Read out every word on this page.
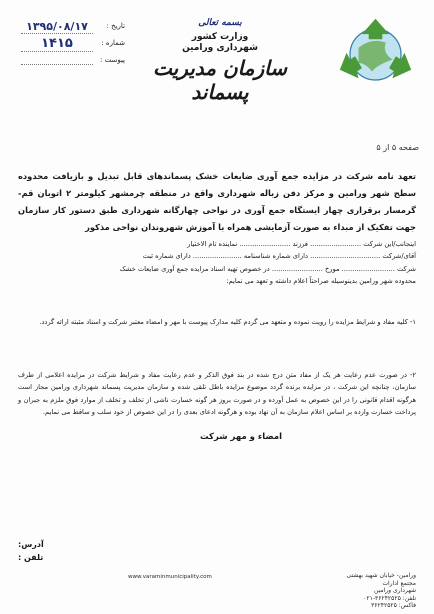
بسمه تعالی
وزارت کشور
شهرداری ورامین
سازمان مدیریت پسماند
تاریخ :
۱۳۹۵/۰۸/۱۷
شماره :
۱۴۱۵
پیوست :
صفحه ۵ از ۵
تعهد نامه شرکت در مزایده جمع آوری ضایعات خشک پسماندهای قابل تبدیل و بازیافت محدوده سطح شهر ورامین و مرکز دفن زباله شهرداری واقع در منطقه چرمشهر کیلومتر ۲ اتوبان قم- گرمسار برقراری چهار ایستگاه جمع آوری در نواحی چهارگانه شهرداری طبق دستور کار سازمان جهت تفکیک از مبداء به صورت آزمایشی همراه با آموزش شهروندان نواحی مذکور
اینجانب/این شرکت ........................ فرزند ........................ نماینده تام الاختیار
آقای/شرکت ................................. دارای شماره شناسنامه ....................... دارای شماره ثبت
شرکت ......................... مورخ ........................ در خصوص تهیه اسناد مزایده جمع آوری ضایعات خشک
محدوده شهر ورامین بدینوسیله صراحتاً اعلام داشته و تعهد می نمایم:
۱- کلیه مفاد و شرایط مزایده را رویت نموده و متعهد می گردم کلیه مدارک پیوست با مهر و امضاء معتبر شرکت و اسناد مثبته ارائه گردد.
۲- در صورت عدم رعایت هر یک از مفاد متن درج شده در بند فوق الذکر و عدم رعایت مفاد و شرایط شرکت در مزایده اعلامی از طرف سازمان، چنانچه این شرکت ، در مزایده برنده گردد موضوع مزایده باطل تلقی شده و سازمان مدیریت پسماند شهرداری ورامین مجاز است هرگونه اقدام قانونی را در این خصوص به عمل آورده و در صورت بروز هر گونه خسارت ناشی از تخلف و تخلف از موارد فوق ملزم به جبران و پرداخت خسارت وارده بر اساس اعلام سازمان به آن نهاد بوده و هرگونه ادعای بعدی را در این خصوص از خود سلب و ساقط می نمایم.
امضاء و مهر شرکت
آدرس:
تلفن :
ورامین- خیابان شهید بهشتی
مجتمع ادارات
شهرداری ورامین
تلفن: ۳۶۲۴۲۵۲۵-۰۲۱
فاکس: ۳۶۲۴۲۵۲۵
www.varaminmunicipality.com
